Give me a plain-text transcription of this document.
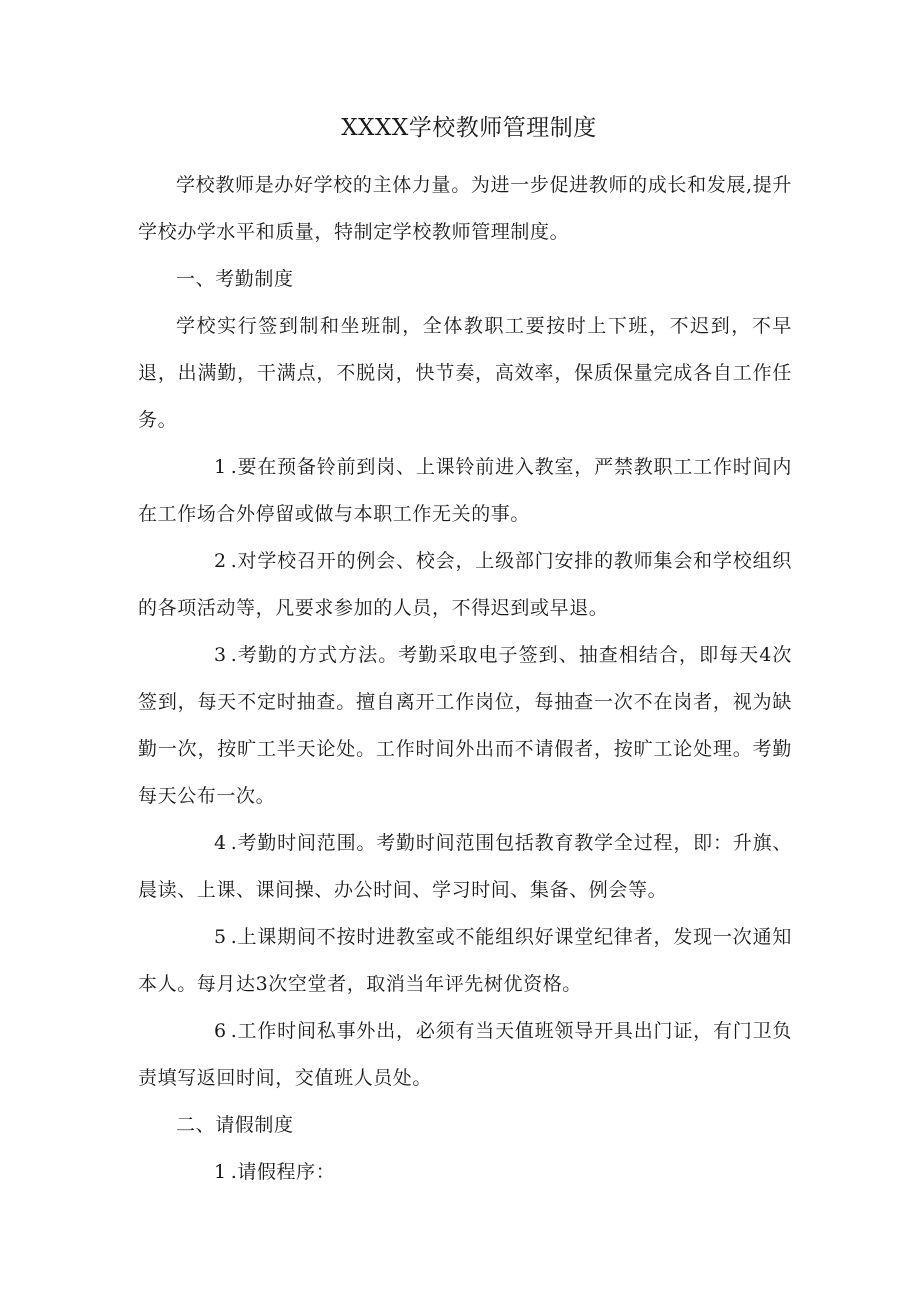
XXXX学校教师管理制度

学校教师是办好学校的主体力量。为进一步促进教师的成长和发展,提升学校办学水平和质量，特制定学校教师管理制度。

一、考勤制度

学校实行签到制和坐班制，全体教职工要按时上下班，不迟到，不早退，出满勤，干满点，不脱岗，快节奏，高效率，保质保量完成各自工作任务。

1 .要在预备铃前到岗、上课铃前进入教室，严禁教职工工作时间内在工作场合外停留或做与本职工作无关的事。

2 .对学校召开的例会、校会，上级部门安排的教师集会和学校组织的各项活动等，凡要求参加的人员，不得迟到或早退。

3 .考勤的方式方法。考勤采取电子签到、抽查相结合，即每天4次签到，每天不定时抽查。擅自离开工作岗位，每抽查一次不在岗者，视为缺勤一次，按旷工半天论处。工作时间外出而不请假者，按旷工论处理。考勤每天公布一次。

4 .考勤时间范围。考勤时间范围包括教育教学全过程，即：升旗、晨读、上课、课间操、办公时间、学习时间、集备、例会等。

5 .上课期间不按时进教室或不能组织好课堂纪律者，发现一次通知本人。每月达3次空堂者，取消当年评先树优资格。

6 .工作时间私事外出，必须有当天值班领导开具出门证，有门卫负责填写返回时间，交值班人员处。

二、请假制度

1 .请假程序：
